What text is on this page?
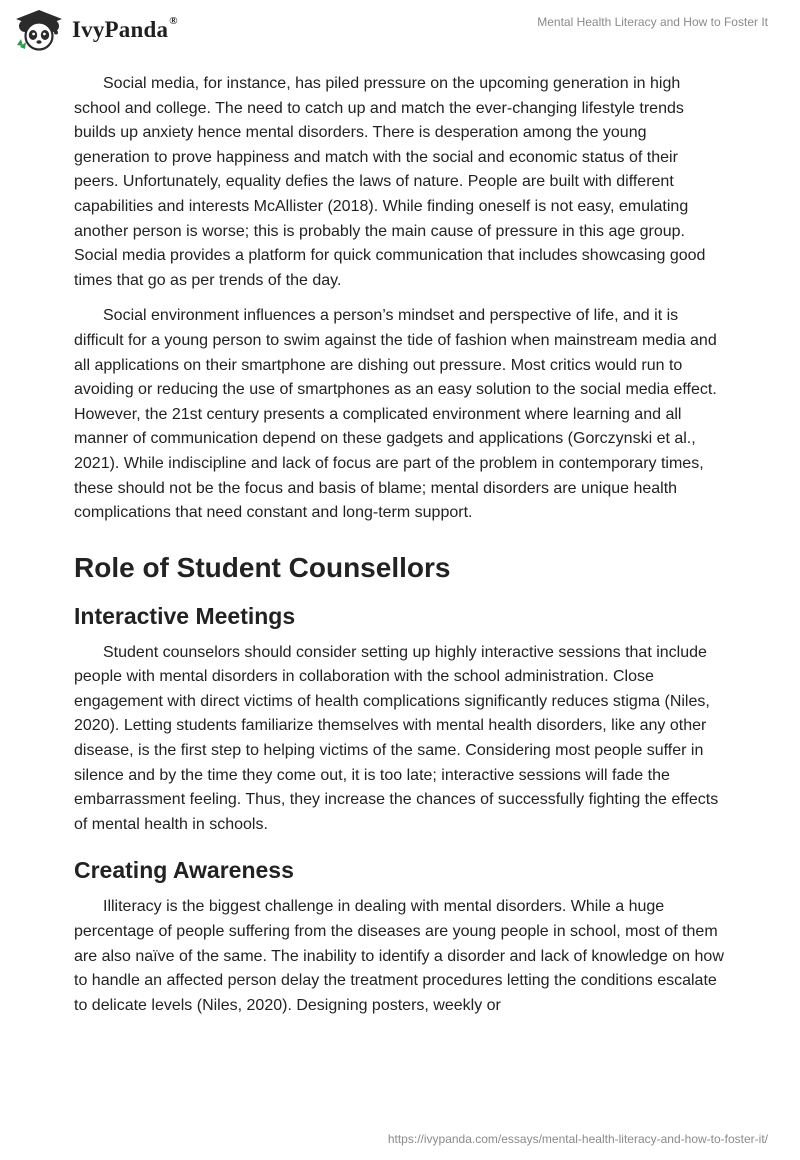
IvyPanda®	Mental Health Literacy and How to Foster It

Social media, for instance, has piled pressure on the upcoming generation in high school and college. The need to catch up and match the ever-changing lifestyle trends builds up anxiety hence mental disorders. There is desperation among the young generation to prove happiness and match with the social and economic status of their peers. Unfortunately, equality defies the laws of nature. People are built with different capabilities and interests McAllister (2018). While finding oneself is not easy, emulating another person is worse; this is probably the main cause of pressure in this age group. Social media provides a platform for quick communication that includes showcasing good times that go as per trends of the day.

Social environment influences a person’s mindset and perspective of life, and it is difficult for a young person to swim against the tide of fashion when mainstream media and all applications on their smartphone are dishing out pressure. Most critics would run to avoiding or reducing the use of smartphones as an easy solution to the social media effect. However, the 21st century presents a complicated environment where learning and all manner of communication depend on these gadgets and applications (Gorczynski et al., 2021). While indiscipline and lack of focus are part of the problem in contemporary times, these should not be the focus and basis of blame; mental disorders are unique health complications that need constant and long-term support.

Role of Student Counsellors
Interactive Meetings

Student counselors should consider setting up highly interactive sessions that include people with mental disorders in collaboration with the school administration. Close engagement with direct victims of health complications significantly reduces stigma (Niles, 2020). Letting students familiarize themselves with mental health disorders, like any other disease, is the first step to helping victims of the same. Considering most people suffer in silence and by the time they come out, it is too late; interactive sessions will fade the embarrassment feeling. Thus, they increase the chances of successfully fighting the effects of mental health in schools.

Creating Awareness

Illiteracy is the biggest challenge in dealing with mental disorders. While a huge percentage of people suffering from the diseases are young people in school, most of them are also naïve of the same. The inability to identify a disorder and lack of knowledge on how to handle an affected person delay the treatment procedures letting the conditions escalate to delicate levels (Niles, 2020). Designing posters, weekly or

https://ivypanda.com/essays/mental-health-literacy-and-how-to-foster-it/
